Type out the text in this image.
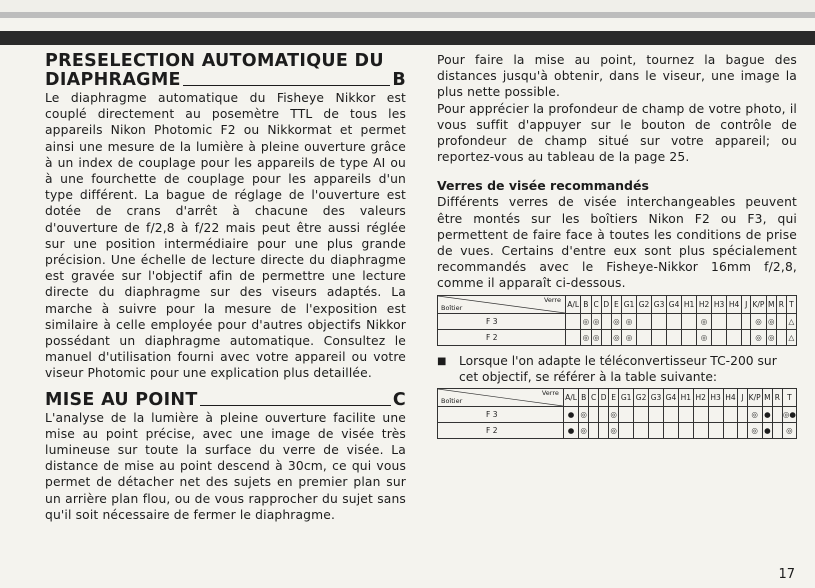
PRESELECTION AUTOMATIQUE DU
DIAPHRAGME	B
Le diaphragme automatique du Fisheye Nikkor est couplé directement au posemètre TTL de tous les appareils Nikon Photomic F2 ou Nikkormat et permet ainsi une mesure de la lumière à pleine ouverture grâce à un index de couplage pour les appareils de type AI ou à une fourchette de couplage pour les appareils d'un type différent. La bague de réglage de l'ouverture est dotée de crans d'arrêt à chacune des valeurs d'ouverture de f/2,8 à f/22 mais peut être aussi réglée sur une position intermédiaire pour une plus grande précision. Une échelle de lecture directe du diaphragme est gravée sur l'objectif afin de permettre une lecture directe du diaphragme sur des viseurs adaptés. La marche à suivre pour la mesure de l'exposition est similaire à celle employée pour d'autres objectifs Nikkor possédant un diaphragme automatique. Consultez le manuel d'utilisation fourni avec votre appareil ou votre viseur Photomic pour une explication plus detaillée.
MISE AU POINT	C
L'analyse de la lumière à pleine ouverture facilite une mise au point précise, avec une image de visée très lumineuse sur toute la surface du verre de visée. La distance de mise au point descend à 30cm, ce qui vous permet de détacher net des sujets en premier plan sur un arrière plan flou, ou de vous rapprocher du sujet sans qu'il soit nécessaire de fermer le diaphragme.
Pour faire la mise au point, tournez la bague des distances jusqu'à obtenir, dans le viseur, une image la plus nette possible.
Pour apprécier la profondeur de champ de votre photo, il vous suffit d'appuyer sur le bouton de contrôle de profondeur de champ situé sur votre appareil; ou reportez-vous au tableau de la page 25.
Verres de visée recommandés
Différents verres de visée interchangeables peuvent être montés sur les boîtiers Nikon F2 ou F3, qui permettent de faire face à toutes les conditions de prise de vues. Certains d'entre eux sont plus spécialement recommandés avec le Fisheye-Nikkor 16mm f/2,8, comme il apparaît ci-dessous.
Verre
Boîtier	A/L	B	C	D	E	G1	G2	G3	G4	H1	H2	H3	H4	J	K/P	M	R	T
F 3		◎	◎		◎	◎					◎				◎	◎		△
F 2		◎	◎		◎	◎					◎				◎	◎		△
■	Lorsque l'on adapte le téléconvertisseur TC-200 sur cet objectif, se référer à la table suivante:
Verre
Boîtier	A/L	B	C	D	E	G1	G2	G3	G4	H1	H2	H3	H4	J	K/P	M	R	T
F 3	●	◎			◎										◎	●		◎●
F 2	●	◎			◎										◎	●		◎
17
